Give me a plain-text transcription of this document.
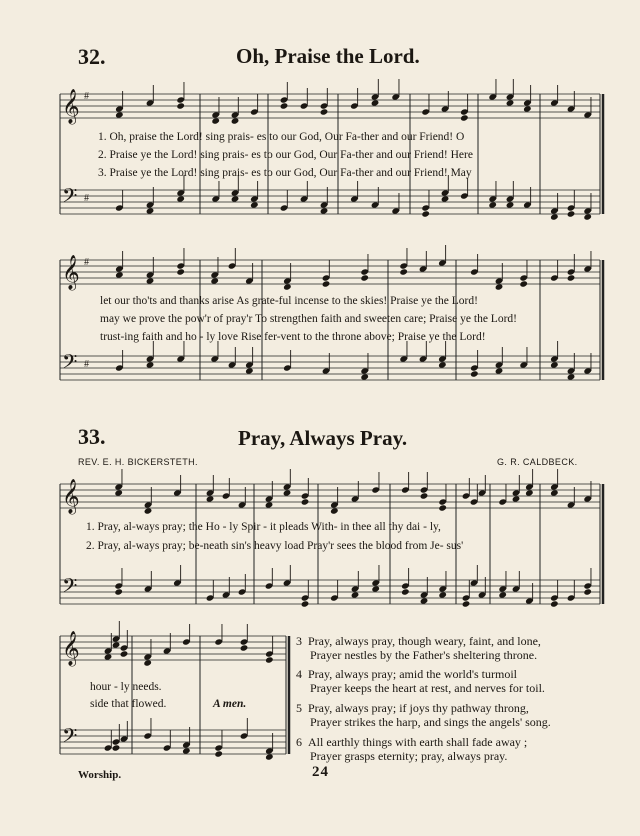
32.	Oh, Praise the Lord.
𝄞 #
𝄢 #
1. Oh, praise the Lord! sing prais- es to our God, Our Fa-ther and our Friend! O
2. Praise ye the Lord! sing prais- es to our God, Our Fa-ther and our Friend! Here
3. Praise ye the Lord! sing prais- es to our God, Our Fa-ther and our Friend! May
𝄞 #
𝄢 #
let our tho'ts and thanks arise As grate-ful incense to the skies! Praise ye the Lord!
may we prove the pow'r of pray'r To strengthen faith and sweeten care; Praise ye the Lord!
trust-ing faith and ho - ly love Rise fer-vent to the throne above; Praise ye the Lord!
33.	Pray, Always Pray.
REV. E. H. BICKERSTETH.	G. R. CALDBECK.
𝄞
𝄢
1. Pray, al-ways pray; the Ho - ly Spir - it pleads With- in thee all thy dai - ly,
2. Pray, al-ways pray; be-neath sin's heavy load Pray'r sees the blood from Je- sus'
𝄞
𝄢
hour - ly needs.
side that flowed.	A men.
3 Pray, always pray, though weary, faint, and lone,
Prayer nestles by the Father's sheltering throne.
4 Pray, always pray; amid the world's turmoil
Prayer keeps the heart at rest, and nerves for toil.
5 Pray, always pray; if joys thy pathway throng,
Prayer strikes the harp, and sings the angels' song.
6 All earthly things with earth shall fade away ;
Prayer grasps eternity; pray, always pray.
Worship.	24
